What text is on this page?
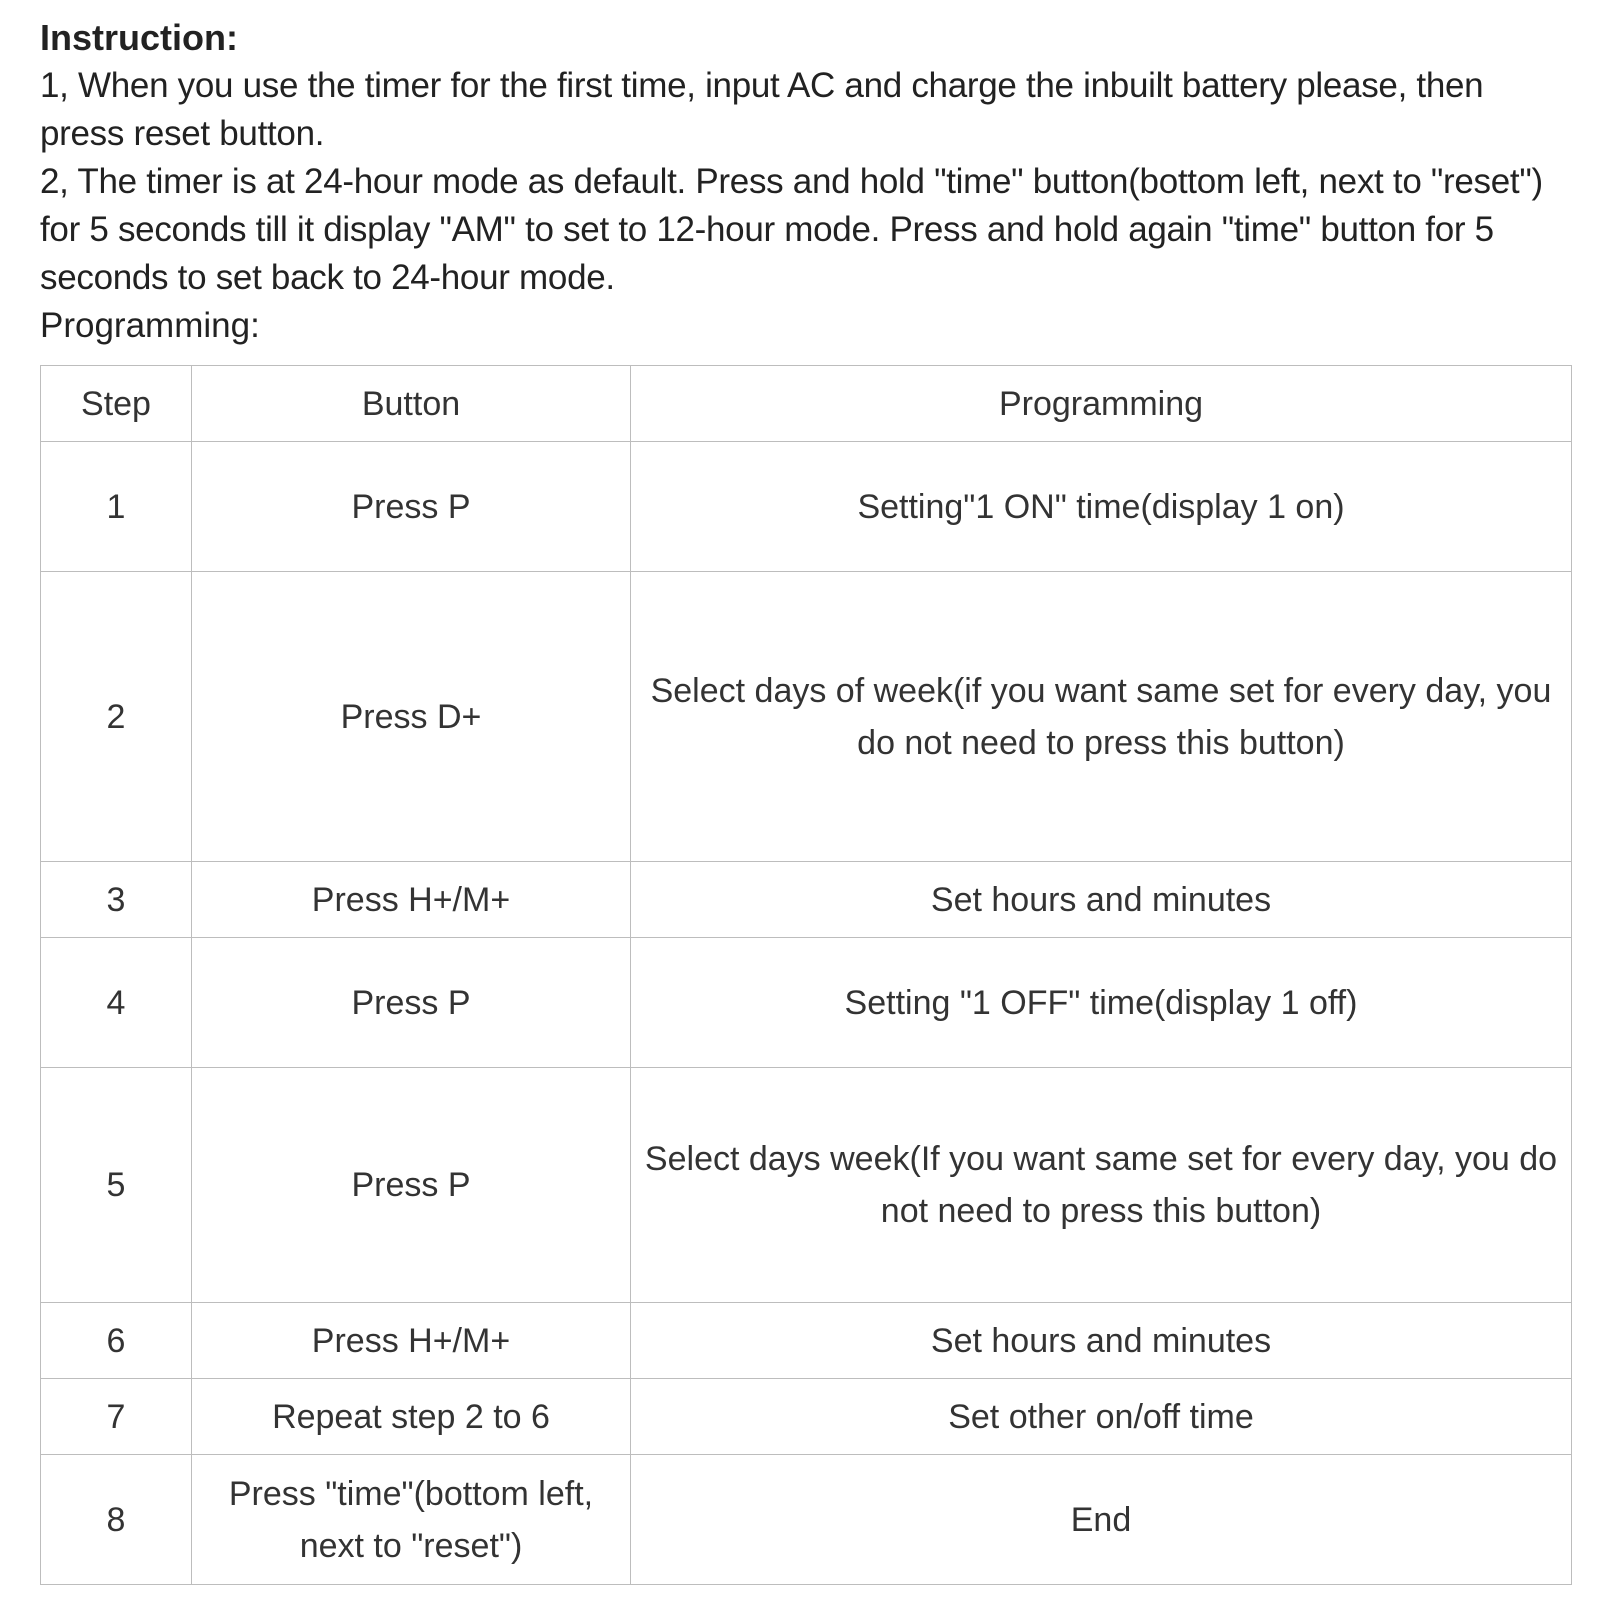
Instruction:

1, When you use the timer for the first time, input AC and charge the inbuilt battery please, then press reset button.

2, The timer is at 24-hour mode as default. Press and hold "time" button(bottom left, next to "reset") for 5 seconds till it display "AM" to set to 12-hour mode. Press and hold again "time" button for 5 seconds to set back to 24-hour mode.

Programming:

Step	Button	Programming
1	Press P	Setting"1 ON" time(display 1 on)
2	Press D+	Select days of week(if you want same set for every day, you do not need to press this button)
3	Press H+/M+	Set hours and minutes
4	Press P	Setting "1 OFF" time(display 1 off)
5	Press P	Select days week(If you want same set for every day, you do not need to press this button)
6	Press H+/M+	Set hours and minutes
7	Repeat step 2 to 6	Set other on/off time
8	Press "time"(bottom left, next to "reset")	End
